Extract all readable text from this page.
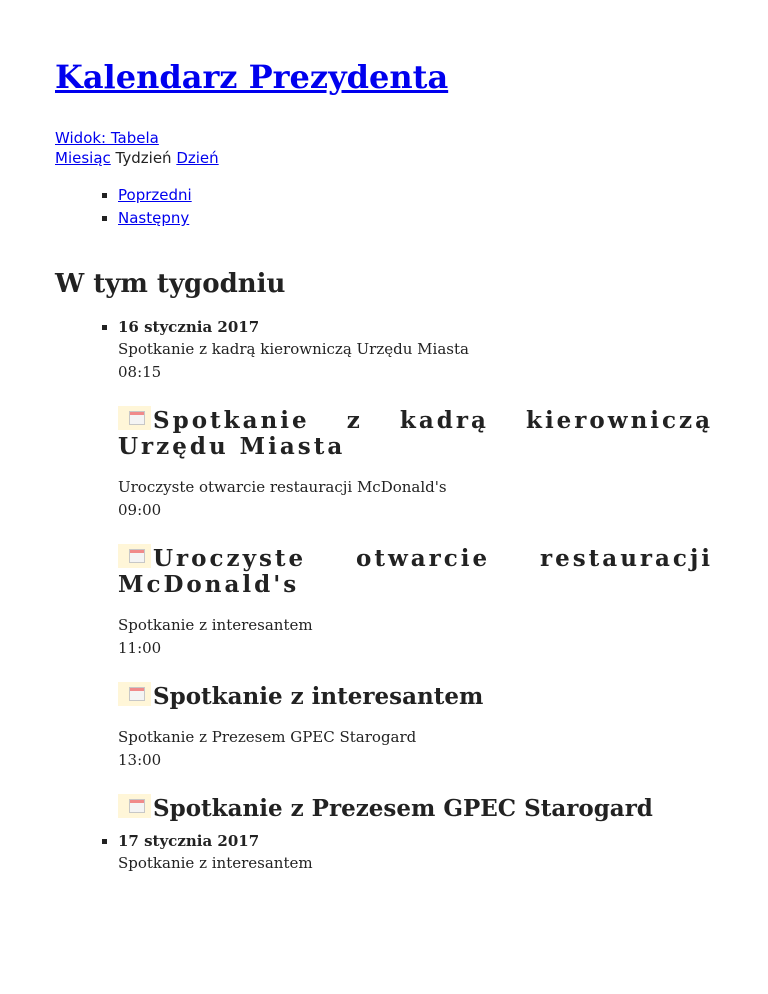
Kalendarz Prezydenta
Widok: Tabela
Miesiąc Tydzień Dzień
▪ Poprzedni
▪ Następny
W tym tygodniu
▪ 16 stycznia 2017
Spotkanie z kadrą kierowniczą Urzędu Miasta
08:15
Spotkanie z kadrą kierowniczą Urzędu Miasta
Uroczyste otwarcie restauracji McDonald's
09:00
Uroczyste otwarcie restauracji McDonald's
Spotkanie z interesantem
11:00
Spotkanie z interesantem
Spotkanie z Prezesem GPEC Starogard
13:00
Spotkanie z Prezesem GPEC Starogard
▪ 17 stycznia 2017
Spotkanie z interesantem
